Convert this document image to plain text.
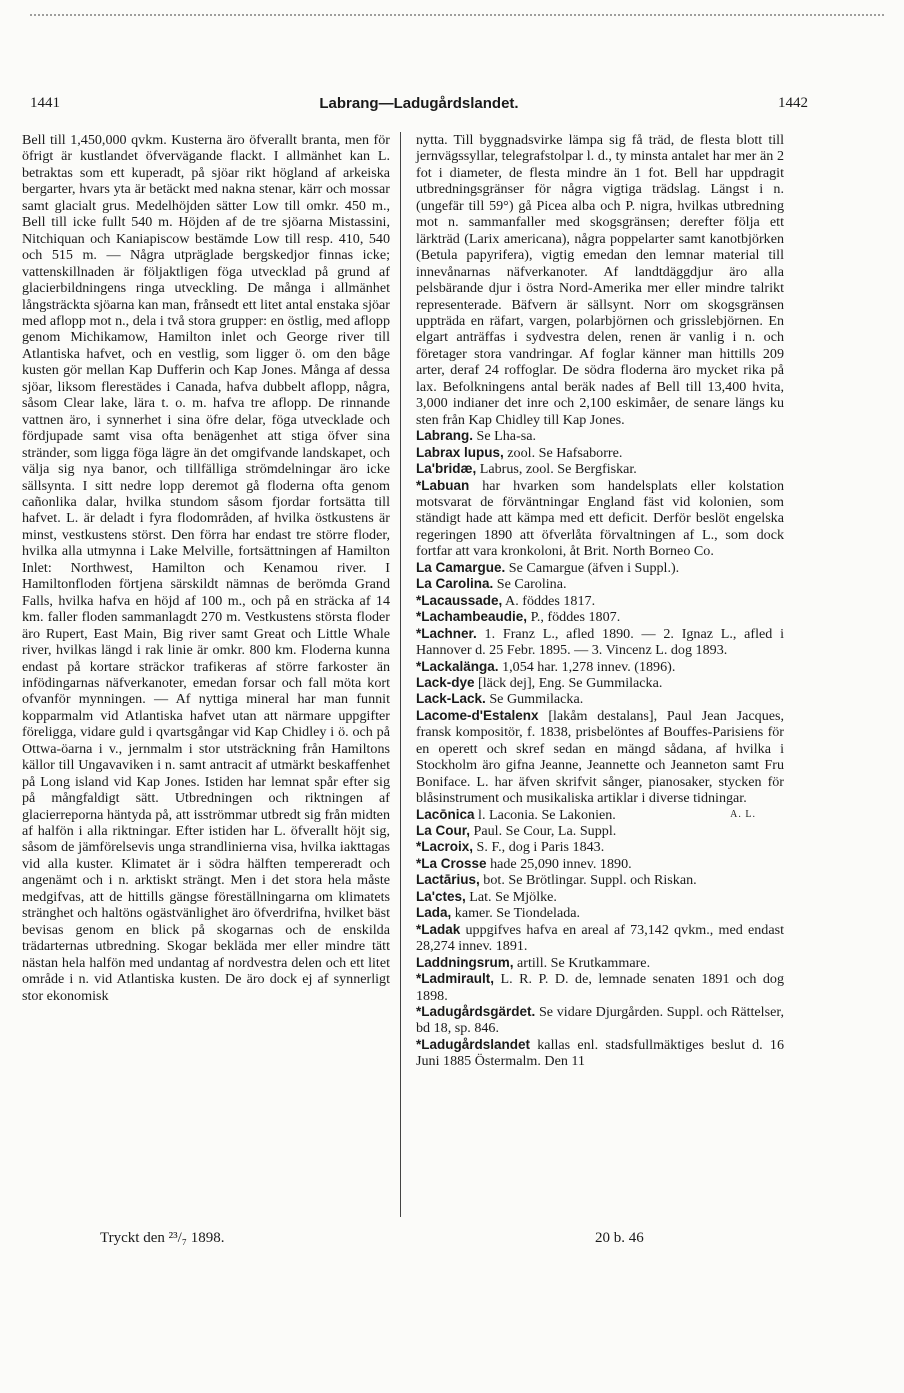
1441	Labrang—Ladugårdslandet.	1442

Bell till 1,450,000 qvkm. Kusterna äro öfverallt branta, men för öfrigt är kustlandet öfvervägande flackt. I allmänhet kan L. betraktas som ett kuperadt, på sjöar rikt högland af arkeiska bergarter, hvars yta är betäckt med nakna stenar, kärr och mossar samt glacialt grus. Medelhöjden sätter Low till omkr. 450 m., Bell till icke fullt 540 m. Höjden af de tre sjöarna Mistassini, Nitchiquan och Kaniapiscow bestämde Low till resp. 410, 540 och 515 m. — Några utpräglade bergskedjor finnas icke; vattenskillnaden är följaktligen föga utvecklad på grund af glacierbildningens ringa utveckling. De många i allmänhet långsträckta sjöarna kan man, frånsedt ett litet antal enstaka sjöar med aflopp mot n., dela i två stora grupper: en östlig, med aflopp genom Michikamow, Hamilton inlet och George river till Atlantiska hafvet, och en vestlig, som ligger ö. om den båge kusten gör mellan Kap Dufferin och Kap Jones. Många af dessa sjöar, liksom flerestädes i Canada, hafva dubbelt aflopp, några, såsom Clear lake, lära t. o. m. hafva tre aflopp. De rinnande vattnen äro, i synnerhet i sina öfre delar, föga utvecklade och fördjupade samt visa ofta benägenhet att stiga öfver sina stränder, som ligga föga lägre än det omgifvande landskapet, och välja sig nya banor, och tillfälliga strömdelningar äro icke sällsynta. I sitt nedre lopp deremot gå floderna ofta genom cañonlika dalar, hvilka stundom såsom fjordar fortsätta till hafvet. L. är deladt i fyra flodområden, af hvilka östkustens är minst, vestkustens störst. Den förra har endast tre större floder, hvilka alla utmynna i Lake Melville, fortsättningen af Hamilton Inlet: Northwest, Hamilton och Kenamou river. I Hamiltonfloden förtjena särskildt nämnas de berömda Grand Falls, hvilka hafva en höjd af 100 m., och på en sträcka af 14 km. faller floden sammanlagdt 270 m. Vestkustens största floder äro Rupert, East Main, Big river samt Great och Little Whale river, hvilkas längd i rak linie är omkr. 800 km. Floderna kunna endast på kortare sträckor trafikeras af större farkoster än infödingarnas näfverkanoter, emedan forsar och fall möta kort ofvanför mynningen. — Af nyttiga mineral har man funnit kopparmalm vid Atlantiska hafvet utan att närmare uppgifter föreligga, vidare guld i qvartsgångar vid Kap Chidley i ö. och på Ottwa-öarna i v., jernmalm i stor utsträckning från Hamiltons källor till Ungavaviken i n. samt antracit af utmärkt beskaffenhet på Long island vid Kap Jones. Istiden har lemnat spår efter sig på mångfaldigt sätt. Utbredningen och riktningen af glacierreporna häntyda på, att isströmmar utbredt sig från midten af halfön i alla riktningar. Efter istiden har L. öfverallt höjt sig, såsom de jämförelsevis unga strandlinierna visa, hvilka iakttagas vid alla kuster. Klimatet är i södra hälften tempereradt och angenämt och i n. arktiskt strängt. Men i det stora hela måste medgifvas, att de hittills gängse föreställningarna om klimatets stränghet och haltöns ogästvänlighet äro öfverdrifna, hvilket bäst bevisas genom en blick på skogarnas och de enskilda trädarternas utbredning. Skogar bekläda mer eller mindre tätt nästan hela halfön med undantag af nordvestra delen och ett litet område i n. vid Atlantiska kusten. De äro dock ej af synnerligt stor ekonomisk

nytta. Till byggnadsvirke lämpa sig få träd, de flesta blott till jernvägssyllar, telegrafstolpar l. d., ty minsta antalet har mer än 2 fot i diameter, de flesta mindre än 1 fot. Bell har uppdragit utbredningsgränser för några vigtiga trädslag. Längst i n. (ungefär till 59°) gå Picea alba och P. nigra, hvilkas utbredning mot n. sammanfaller med skogsgränsen; derefter följa ett lärkträd (Larix americana), några poppelarter samt kanotbjörken (Betula papyrifera), vigtig emedan den lemnar material till innevånarnas näfverkanoter. Af landtdäggdjur äro alla pelsbärande djur i östra Nord-Amerika mer eller mindre talrikt representerade. Bäfvern är sällsynt. Norr om skogsgränsen uppträda en räfart, vargen, polarbjörnen och grisslebjörnen. En elgart anträffas i sydvestra delen, renen är vanlig i n. och företager stora vandringar. Af foglar känner man hittills 209 arter, deraf 24 roffoglar. De södra floderna äro mycket rika på lax. Befolkningens antal beräk nades af Bell till 13,400 hvita, 3,000 indianer det inre och 2,100 eskimåer, de senare längs ku sten från Kap Chidley till Kap Jones.

Labrang. Se Lha-sa.

Labrax lupus, zool. Se Hafsaborre.

La'bridæ, Labrus, zool. Se Bergfiskar.

*Labuan har hvarken som handelsplats eller kolstation motsvarat de förväntningar England fäst vid kolonien, som ständigt hade att kämpa med ett deficit. Derför beslöt engelska regeringen 1890 att öfverlåta förvaltningen af L., som dock fortfar att vara kronkoloni, åt Brit. North Borneo Co.

La Camargue. Se Camargue (äfven i Suppl.).

La Carolina. Se Carolina.

*Lacaussade, A. föddes 1817.

*Lachambeaudie, P., föddes 1807.

*Lachner. 1. Franz L., afled 1890. — 2. Ignaz L., afled i Hannover d. 25 Febr. 1895. — 3. Vincenz L. dog 1893.

*Lackalänga. 1,054 har. 1,278 innev. (1896).

Lack-dye [läck dej], Eng. Se Gummilacka.

Lack-Lack. Se Gummilacka.

Lacome-d'Estalenx [lakåm destalans], Paul Jean Jacques, fransk kompositör, f. 1838, prisbelöntes af Bouffes-Parisiens för en operett och skref sedan en mängd sådana, af hvilka i Stockholm äro gifna Jeanne, Jeannette och Jeanneton samt Fru Boniface. L. har äfven skrifvit sånger, pianosaker, stycken för blåsinstrument och musikaliska artiklar i diverse tidningar.
A. L.

Lacōnica l. Laconia. Se Lakonien.

La Cour, Paul. Se Cour, La. Suppl.

*Lacroix, S. F., dog i Paris 1843.

*La Crosse hade 25,090 innev. 1890.

Lactārius, bot. Se Brötlingar. Suppl. och Riskan.

La'ctes, Lat. Se Mjölke.

Lada, kamer. Se Tiondelada.

*Ladak uppgifves hafva en areal af 73,142 qvkm., med endast 28,274 innev. 1891.

Laddningsrum, artill. Se Krutkammare.

*Ladmirault, L. R. P. D. de, lemnade senaten 1891 och dog 1898.

*Ladugårdsgärdet. Se vidare Djurgården. Suppl. och Rättelser, bd 18, sp. 846.

*Ladugårdslandet kallas enl. stadsfullmäktiges beslut d. 16 Juni 1885 Östermalm. Den 11

Tryckt den ²³/₇ 1898.	20 b. 46
